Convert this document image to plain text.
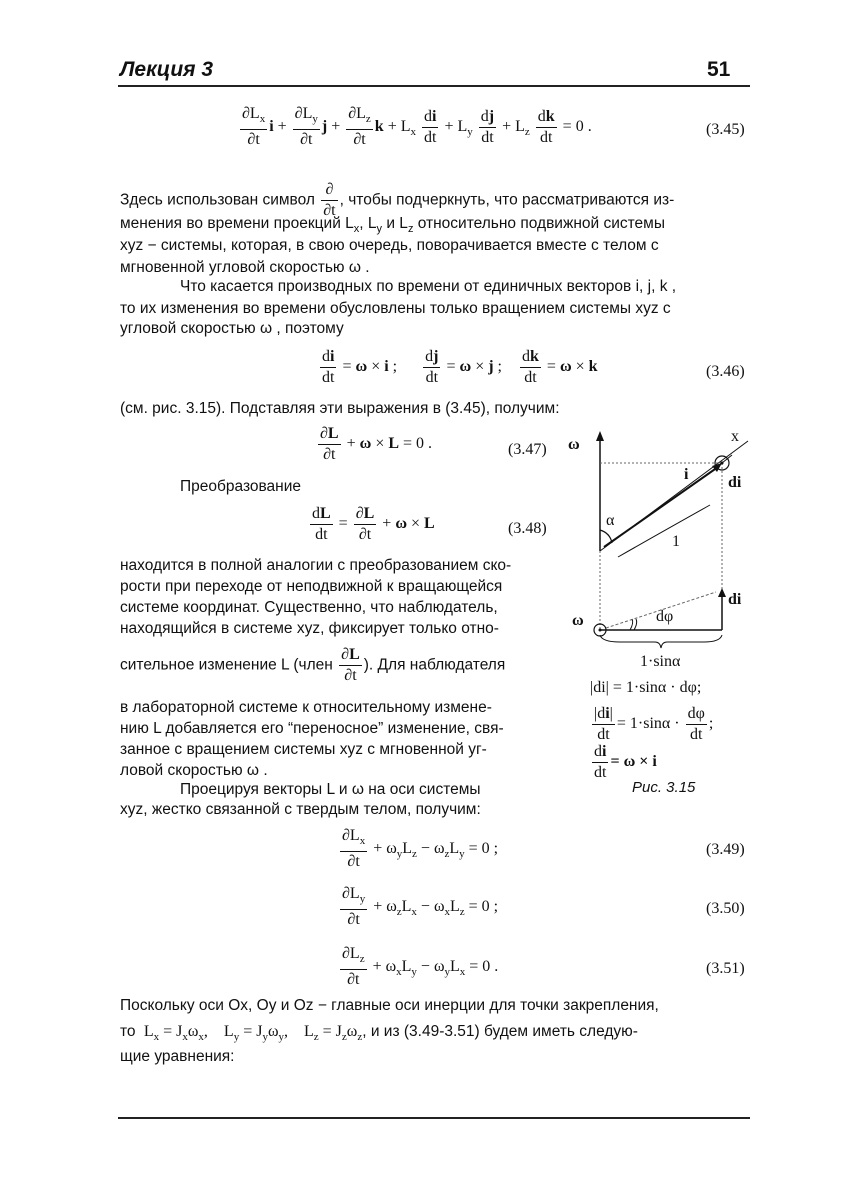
Лекция 3	51
$\frac{\partial L_x}{\partial t}$ $i + \frac{\partial L_y}{\partial t}$ $j + \frac{\partial L_z}{\partial t}$ $k + L_x \frac{di}{dt} + L_y \frac{dj}{dt} + L_z \frac{dk}{dt} = 0$ .	(3.45)
Здесь использован символ $\frac{\partial}{\partial t}$ , чтобы подчеркнуть, что рассматриваются из-
менения во времени проекций $L_x$, $L_y$ и $L_z$ относительно подвижной системы
xyz − системы, которая, в свою очередь, поворачивается вместе с телом с
мгновенной угловой скоростью ω .
Что касается производных по времени от единичных векторов i, j, k ,
то их изменения во времени обусловлены только вращением системы xyz с
угловой скоростью ω , поэтому
$\frac{di}{dt} = \omega \times i$ ; $\frac{dj}{dt} = \omega \times j$ ; $\frac{dk}{dt} = \omega \times k$	(3.46)
(см. рис. 3.15). Подставляя эти выражения в (3.45), получим:
$\frac{\partial L}{\partial t} + \omega \times L = 0$ .	(3.47)
Преобразование
$\frac{dL}{dt} = \frac{\partial L}{\partial t} + \omega \times L$	(3.48)
находится в полной аналогии с преобразованием ско-
рости при переходе от неподвижной к вращающейся
системе координат. Существенно, что наблюдатель,
находящийся в системе xyz, фиксирует только отно-
сительное изменение L (член $\frac{\partial L}{\partial t}$ ). Для наблюдателя
в лабораторной системе к относительному измене-
нию L добавляется его “переносное” изменение, свя-
занное с вращением системы xyz с мгновенной уг-
ловой скоростью ω .
Проецируя векторы L и ω на оси системы
xyz, жестко связанной с твердым телом, получим:
$\frac{\partial L_x}{\partial t} + \omega_yL_z - \omega_zL_y = 0$ ;	(3.49)
$\frac{\partial L_y}{\partial t} + \omega_zL_x - \omega_xL_z = 0$ ;	(3.50)
$\frac{\partial L_z}{\partial t} + \omega_xL_y - \omega_yL_x = 0$ .	(3.51)
Поскольку оси Ox, Oy и Oz − главные оси инерции для точки закрепления,
то  $L_x = J_x\omega_x$,    $L_y = J_y\omega_y$,    $L_z = J_z\omega_z$, и из (3.49-3.51) будем иметь следую-
щие уравнения:
ω	x
i di
α
1
ω	dφ
di
1·sinα
|di| = 1·sinα · dφ;
$\frac{|di|}{dt} = 1\cdot\sin\alpha \cdot \frac{d\varphi}{dt}$ ;
$\frac{di}{dt} = \omega \times i$
Рис. 3.15
